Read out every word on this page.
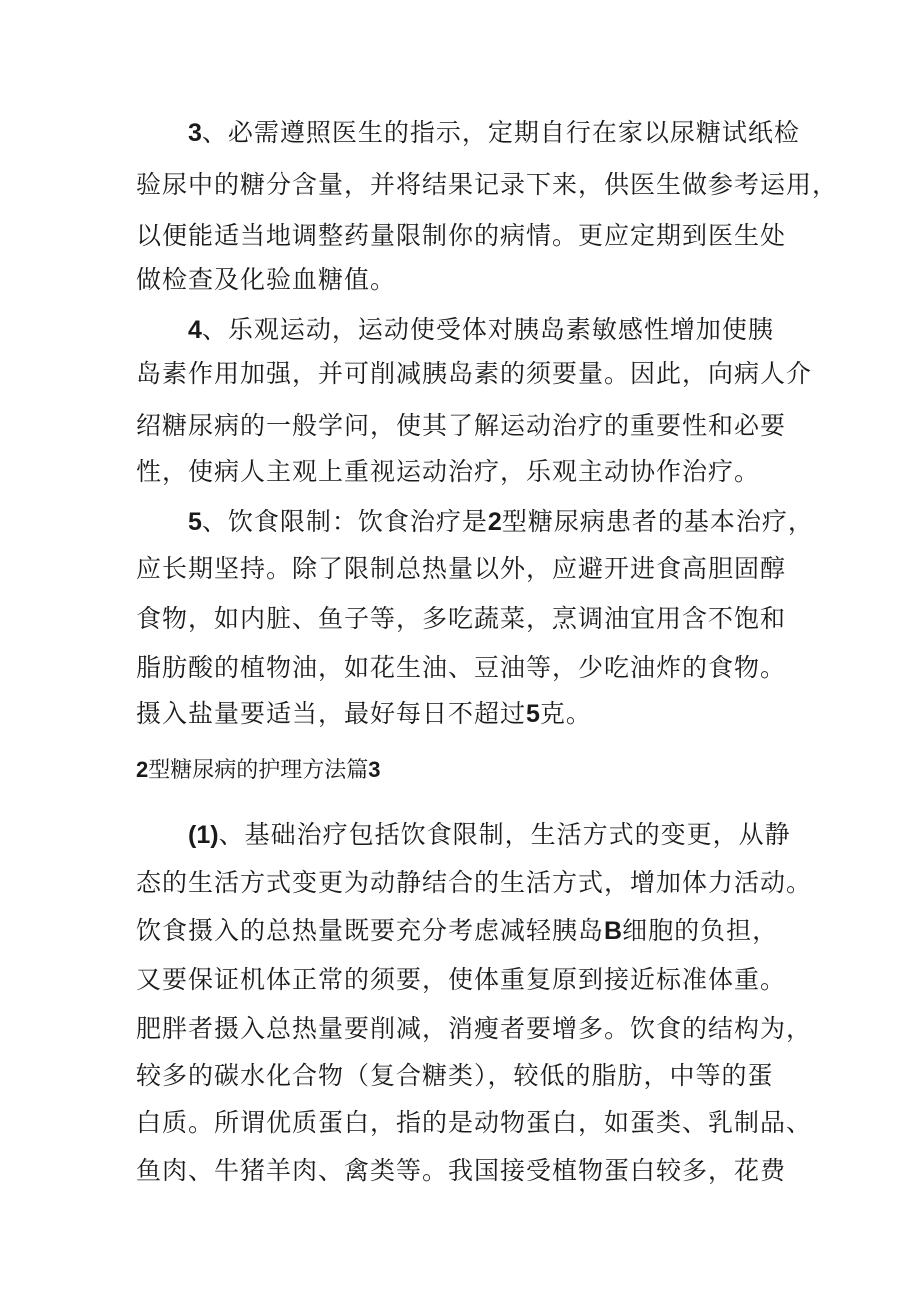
3、必需遵照医生的指示，定期自行在家以尿糖试纸检
验尿中的糖分含量，并将结果记录下来，供医生做参考运用，
以便能适当地调整药量限制你的病情。更应定期到医生处
做检查及化验血糖值。
4、乐观运动，运动使受体对胰岛素敏感性增加使胰
岛素作用加强，并可削减胰岛素的须要量。因此，向病人介
绍糖尿病的一般学问，使其了解运动治疗的重要性和必要
性，使病人主观上重视运动治疗，乐观主动协作治疗。
5、饮食限制：饮食治疗是2型糖尿病患者的基本治疗，
应长期坚持。除了限制总热量以外，应避开进食高胆固醇
食物，如内脏、鱼子等，多吃蔬菜，烹调油宜用含不饱和
脂肪酸的植物油，如花生油、豆油等，少吃油炸的食物。
摄入盐量要适当，最好每日不超过5克。
2型糖尿病的护理方法篇3
(1)、基础治疗包括饮食限制，生活方式的变更，从静
态的生活方式变更为动静结合的生活方式，增加体力活动。
饮食摄入的总热量既要充分考虑减轻胰岛B细胞的负担，
又要保证机体正常的须要，使体重复原到接近标准体重。
肥胖者摄入总热量要削减，消瘦者要增多。饮食的结构为，
较多的碳水化合物（复合糖类），较低的脂肪，中等的蛋
白质。所谓优质蛋白，指的是动物蛋白，如蛋类、乳制品、
鱼肉、牛猪羊肉、禽类等。我国接受植物蛋白较多，花费
